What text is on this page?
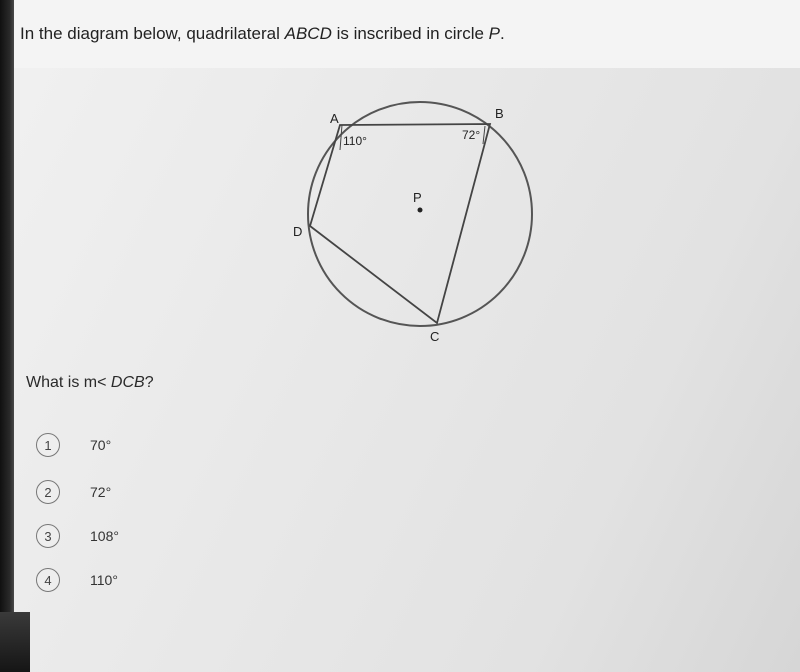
In the diagram below, quadrilateral ABCD is inscribed in circle P.
A	B
C
D
P
110°	72°
What is m< DCB?
1	70°
2	72°
3	108°
4	110°
